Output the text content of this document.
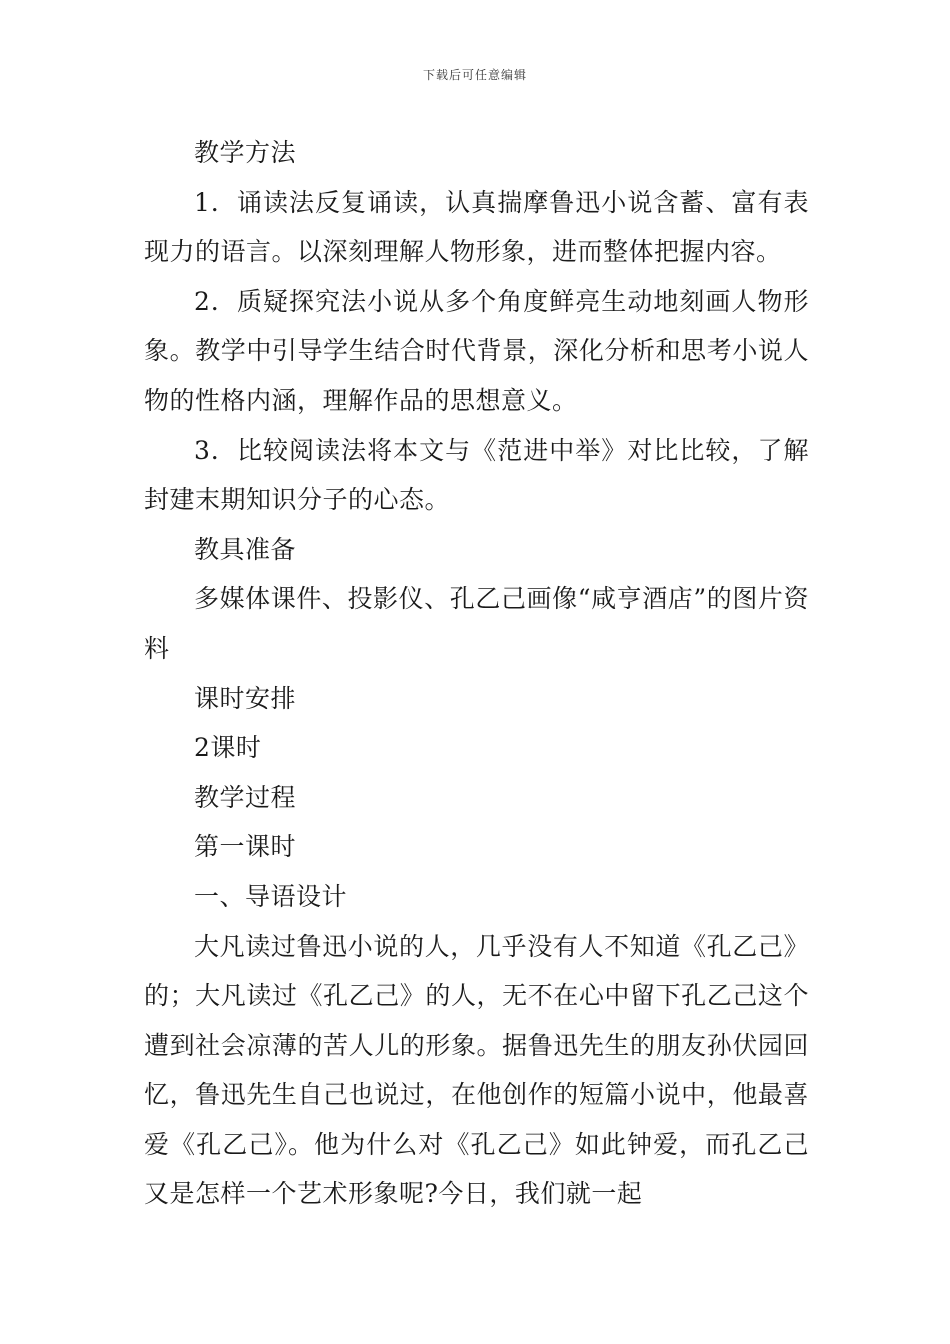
下载后可任意编辑

教学方法

1．诵读法反复诵读，认真揣摩鲁迅小说含蓄、富有表现力的语言。以深刻理解人物形象，进而整体把握内容。

2．质疑探究法小说从多个角度鲜亮生动地刻画人物形象。教学中引导学生结合时代背景，深化分析和思考小说人物的性格内涵，理解作品的思想意义。

3．比较阅读法将本文与《范进中举》对比比较，了解封建末期知识分子的心态。

教具准备

多媒体课件、投影仪、孔乙己画像“咸亨酒店”的图片资料

课时安排

2课时

教学过程

第一课时

一、导语设计

大凡读过鲁迅小说的人，几乎没有人不知道《孔乙己》的；大凡读过《孔乙己》的人，无不在心中留下孔乙己这个遭到社会凉薄的苦人儿的形象。据鲁迅先生的朋友孙伏园回忆，鲁迅先生自己也说过，在他创作的短篇小说中，他最喜爱《孔乙己》。他为什么对《孔乙己》如此钟爱，而孔乙己又是怎样一个艺术形象呢?今日，我们就一起
